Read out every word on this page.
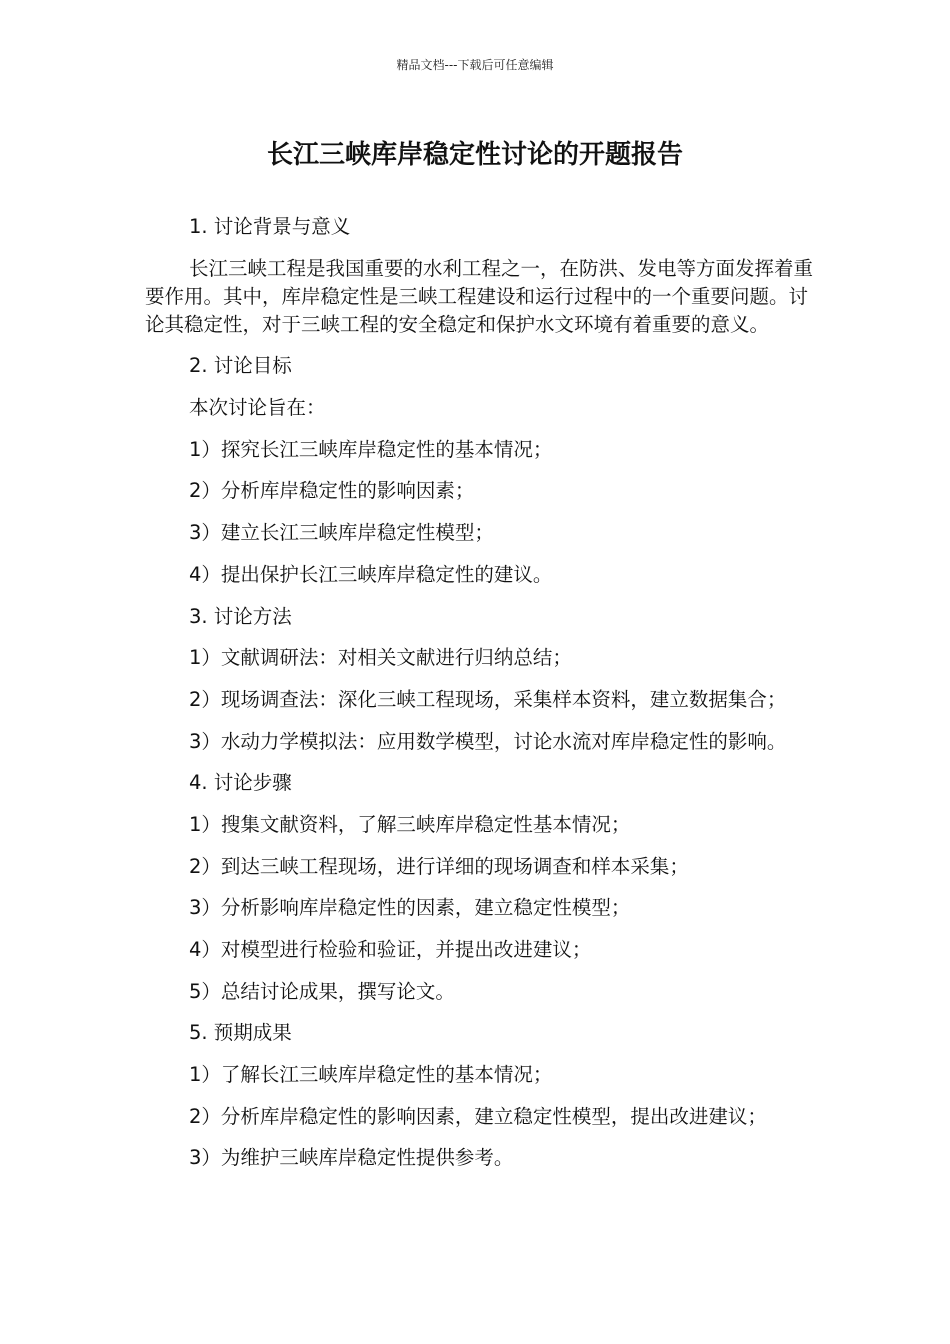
精品文档---下载后可任意编辑
长江三峡库岸稳定性讨论的开题报告

1. 讨论背景与意义

长江三峡工程是我国重要的水利工程之一，在防洪、发电等方面发挥着重要作用。其中，库岸稳定性是三峡工程建设和运行过程中的一个重要问题。讨论其稳定性，对于三峡工程的安全稳定和保护水文环境有着重要的意义。

2. 讨论目标

本次讨论旨在：

1）探究长江三峡库岸稳定性的基本情况；

2）分析库岸稳定性的影响因素；

3）建立长江三峡库岸稳定性模型；

4）提出保护长江三峡库岸稳定性的建议。

3. 讨论方法

1）文献调研法：对相关文献进行归纳总结；

2）现场调查法：深化三峡工程现场，采集样本资料，建立数据集合；

3）水动力学模拟法：应用数学模型，讨论水流对库岸稳定性的影响。

4. 讨论步骤

1）搜集文献资料，了解三峡库岸稳定性基本情况；

2）到达三峡工程现场，进行详细的现场调查和样本采集；

3）分析影响库岸稳定性的因素，建立稳定性模型；

4）对模型进行检验和验证，并提出改进建议；

5）总结讨论成果，撰写论文。

5. 预期成果

1）了解长江三峡库岸稳定性的基本情况；

2）分析库岸稳定性的影响因素，建立稳定性模型，提出改进建议；

3）为维护三峡库岸稳定性提供参考。
